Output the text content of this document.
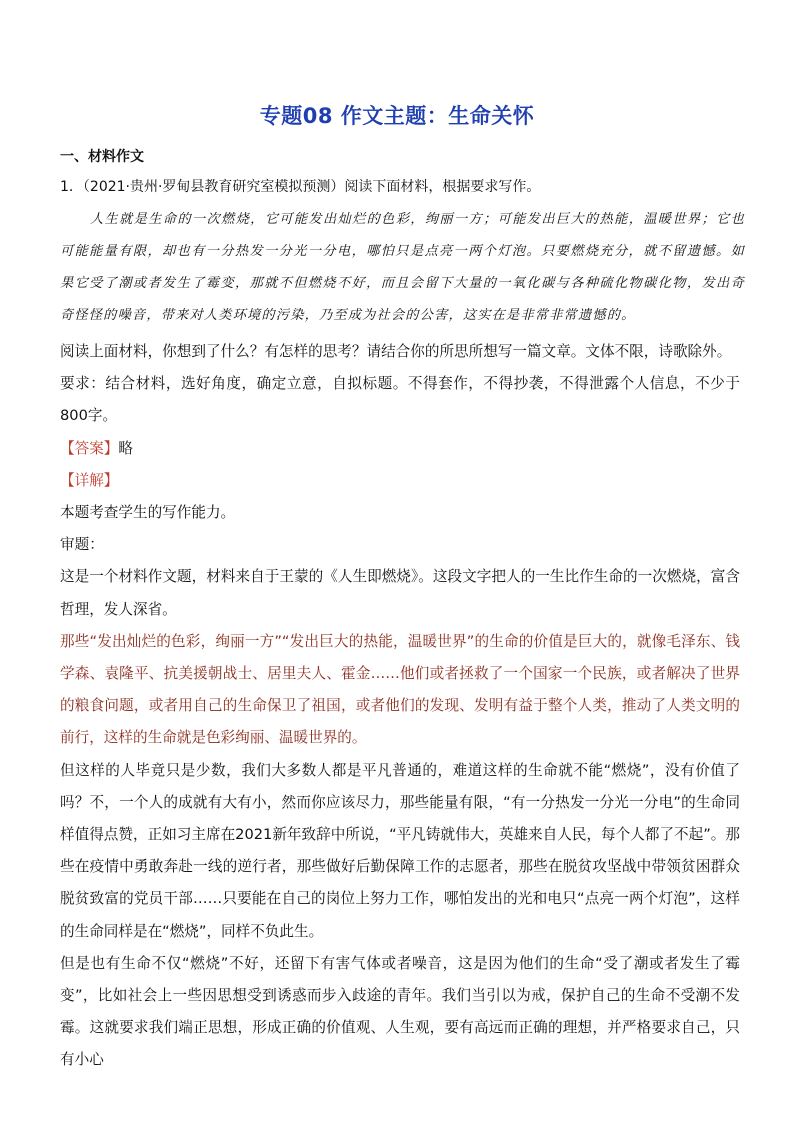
专题08 作文主题：生命关怀
一、材料作文
1．（2021·贵州·罗甸县教育研究室模拟预测）阅读下面材料，根据要求写作。
人生就是生命的一次燃烧，它可能发出灿烂的色彩，绚丽一方；可能发出巨大的热能，温暖世界；它也可能能量有限，却也有一分热发一分光一分电，哪怕只是点亮一两个灯泡。只要燃烧充分，就不留遗憾。如果它受了潮或者发生了霉变，那就不但燃烧不好，而且会留下大量的一氧化碳与各种硫化物碳化物，发出奇奇怪怪的噪音，带来对人类环境的污染，乃至成为社会的公害，这实在是非常非常遗憾的。

阅读上面材料，你想到了什么？有怎样的思考？请结合你的所思所想写一篇文章。文体不限，诗歌除外。

要求：结合材料，选好角度，确定立意，自拟标题。不得套作，不得抄袭，不得泄露个人信息，不少于800字。

【答案】略

【详解】

本题考查学生的写作能力。

审题：

这是一个材料作文题，材料来自于王蒙的《人生即燃烧》。这段文字把人的一生比作生命的一次燃烧，富含哲理，发人深省。

那些“发出灿烂的色彩，绚丽一方”“发出巨大的热能，温暖世界”的生命的价值是巨大的，就像毛泽东、钱学森、袁隆平、抗美援朝战士、居里夫人、霍金……他们或者拯救了一个国家一个民族，或者解决了世界的粮食问题，或者用自己的生命保卫了祖国，或者他们的发现、发明有益于整个人类，推动了人类文明的前行，这样的生命就是色彩绚丽、温暖世界的。

但这样的人毕竟只是少数，我们大多数人都是平凡普通的，难道这样的生命就不能“燃烧”，没有价值了吗？不，一个人的成就有大有小，然而你应该尽力，那些能量有限，“有一分热发一分光一分电”的生命同样值得点赞，正如习主席在2021新年致辞中所说，“平凡铸就伟大，英雄来自人民，每个人都了不起”。那些在疫情中勇敢奔赴一线的逆行者，那些做好后勤保障工作的志愿者，那些在脱贫攻坚战中带领贫困群众脱贫致富的党员干部……只要能在自己的岗位上努力工作，哪怕发出的光和电只“点亮一两个灯泡”，这样的生命同样是在“燃烧”，同样不负此生。

但是也有生命不仅“燃烧”不好，还留下有害气体或者噪音，这是因为他们的生命“受了潮或者发生了霉变”，比如社会上一些因思想受到诱惑而步入歧途的青年。我们当引以为戒，保护自己的生命不受潮不发霉。这就要求我们端正思想，形成正确的价值观、人生观，要有高远而正确的理想，并严格要求自己，只有小心
